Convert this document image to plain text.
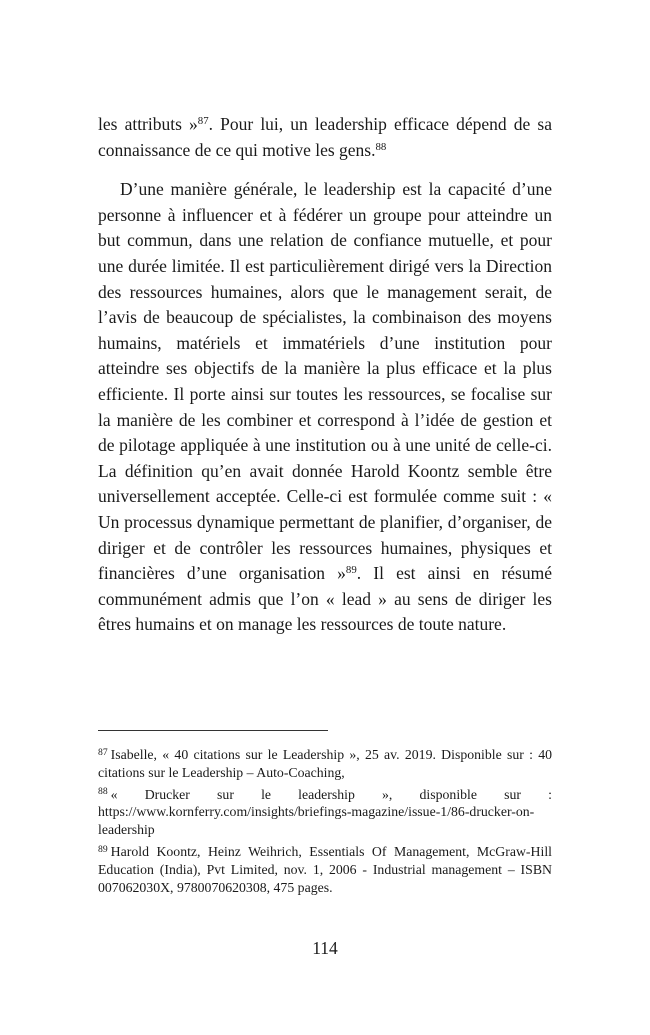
les attributs »$^{87}$. Pour lui, un leadership efficace dépend de sa connaissance de ce qui motive les gens.$^{88}$

D’une manière générale, le leadership est la capacité d’une personne à influencer et à fédérer un groupe pour atteindre un but commun, dans une relation de confiance mutuelle, et pour une durée limitée. Il est particulièrement dirigé vers la Direction des ressources humaines, alors que le management serait, de l’avis de beaucoup de spécialistes, la combinaison des moyens humains, matériels et immatériels d’une institution pour atteindre ses objectifs de la manière la plus efficace et la plus efficiente. Il porte ainsi sur toutes les ressources, se focalise sur la manière de les combiner et correspond à l’idée de gestion et de pilotage appliquée à une institution ou à une unité de celle-ci. La définition qu’en avait donnée Harold Koontz semble être universellement acceptée. Celle-ci est formulée comme suit : « Un processus dynamique permettant de planifier, d’organiser, de diriger et de contrôler les ressources humaines, physiques et financières d’une organisation »$^{89}$. Il est ainsi en résumé communément admis que l’on « lead » au sens de diriger les êtres humains et on manage les ressources de toute nature.

$^{87}$ Isabelle, « 40 citations sur le Leadership », 25 av. 2019. Disponible sur : 40 citations sur le Leadership – Auto-Coaching,

$^{88}$ « Drucker sur le leadership », disponible sur : https://www.kornferry.com/insights/briefings-magazine/issue-1/86-drucker-on-leadership

$^{89}$ Harold Koontz, Heinz Weihrich, Essentials Of Management, McGraw-Hill Education (India), Pvt Limited, nov. 1, 2006 - Industrial management – ISBN 007062030X, 9780070620308, 475 pages.

114
